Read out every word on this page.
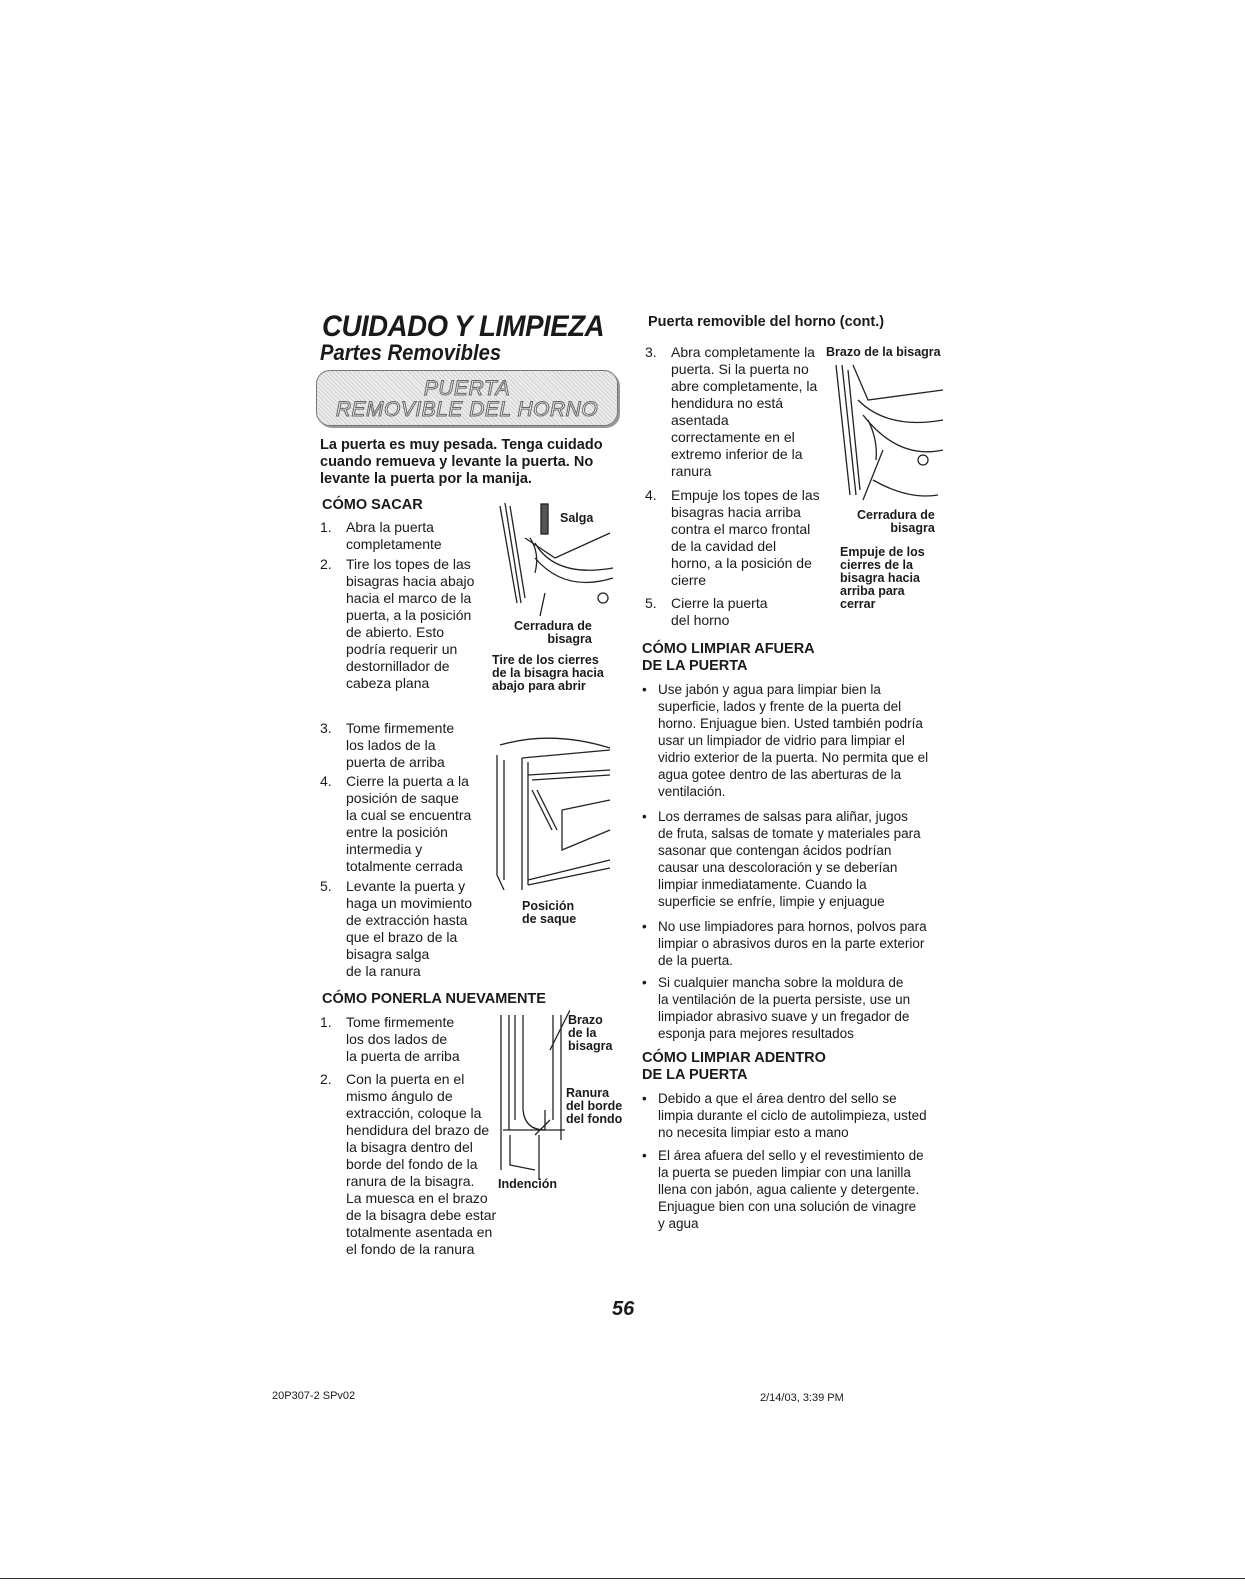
CUIDADO Y LIMPIEZA
Partes Removibles
PUERTA
REMOVIBLE DEL HORNO
La puerta es muy pesada. Tenga cuidado
cuando remueva y levante la puerta. No
levante la puerta por la manija.
CÓMO SACAR
1. Abra la puerta
completamente
2. Tire los topes de las
bisagras hacia abajo
hacia el marco de la
puerta, a la posición
de abierto. Esto
podría requerir un
destornillador de
cabeza plana
Salga
Cerradura de
bisagra
Tire de los cierres
de la bisagra hacia
abajo para abrir
3. Tome firmemente
los lados de la
puerta de arriba
4. Cierre la puerta a la
posición de saque
la cual se encuentra
entre la posición
intermedia y
totalmente cerrada
5. Levante la puerta y
haga un movimiento
de extracción hasta
que el brazo de la
bisagra salga
de la ranura
Posición
de saque
CÓMO PONERLA NUEVAMENTE
1. Tome firmemente
los dos lados de
la puerta de arriba
2. Con la puerta en el
mismo ángulo de
extracción, coloque la
hendidura del brazo de
la bisagra dentro del
borde del fondo de la
ranura de la bisagra.
La muesca en el brazo
de la bisagra debe estar
totalmente asentada en
el fondo de la ranura
Brazo
de la
bisagra
Ranura
del borde
del fondo
Indención
Puerta removible del horno (cont.)
3. Abra completamente la
puerta. Si la puerta no
abre completamente, la
hendidura no está
asentada
correctamente en el
extremo inferior de la
ranura
4. Empuje los topes de las
bisagras hacia arriba
contra el marco frontal
de la cavidad del
horno, a la posición de
cierre
5. Cierre la puerta
del horno
Brazo de la bisagra
Cerradura de
bisagra
Empuje de los
cierres de la
bisagra hacia
arriba para
cerrar
CÓMO LIMPIAR AFUERA
DE LA PUERTA
• Use jabón y agua para limpiar bien la
superficie, lados y frente de la puerta del
horno. Enjuague bien. Usted también podría
usar un limpiador de vidrio para limpiar el
vidrio exterior de la puerta. No permita que el
agua gotee dentro de las aberturas de la
ventilación.
• Los derrames de salsas para aliñar, jugos
de fruta, salsas de tomate y materiales para
sasonar que contengan ácidos podrían
causar una descoloración y se deberían
limpiar inmediatamente. Cuando la
superficie se enfríe, limpie y enjuague
• No use limpiadores para hornos, polvos para
limpiar o abrasivos duros en la parte exterior
de la puerta.
• Si cualquier mancha sobre la moldura de
la ventilación de la puerta persiste, use un
limpiador abrasivo suave y un fregador de
esponja para mejores resultados
CÓMO LIMPIAR ADENTRO
DE LA PUERTA
• Debido a que el área dentro del sello se
limpia durante el ciclo de autolimpieza, usted
no necesita limpiar esto a mano
• El área afuera del sello y el revestimiento de
la puerta se pueden limpiar con una lanilla
llena con jabón, agua caliente y detergente.
Enjuague bien con una solución de vinagre
y agua
56
20P307-2 SPv02	2/14/03, 3:39 PM
